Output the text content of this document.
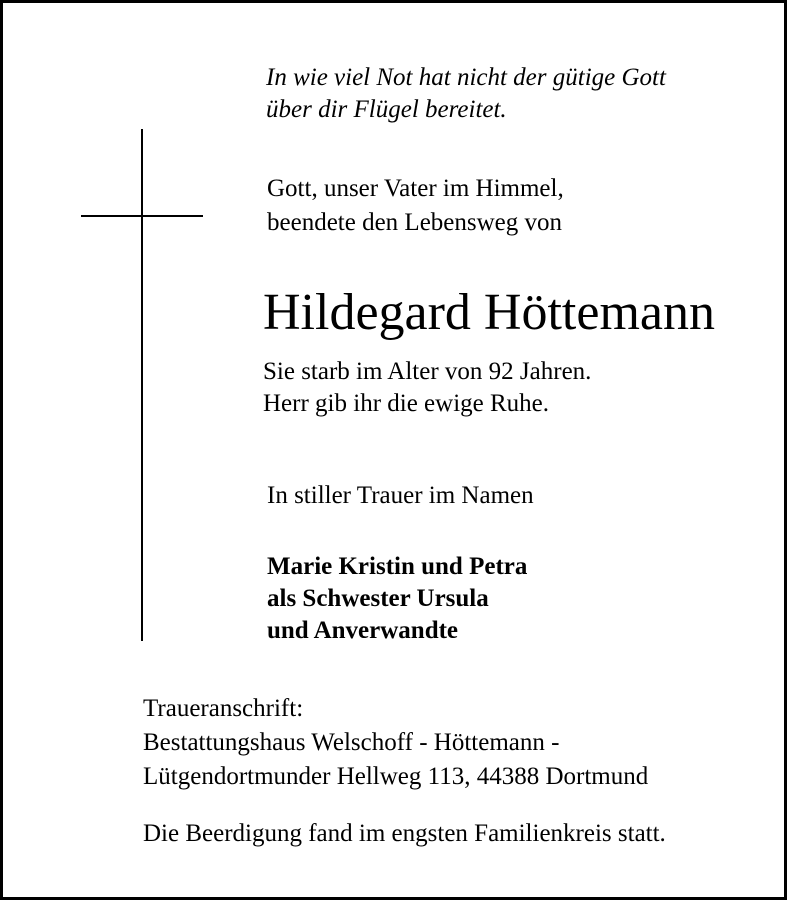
In wie viel Not hat nicht der gütige Gott
über dir Flügel bereitet.
Gott, unser Vater im Himmel,
beendete den Lebensweg von
Hildegard Höttemann
Sie starb im Alter von 92 Jahren.
Herr gib ihr die ewige Ruhe.
In stiller Trauer im Namen
Marie Kristin und Petra
als Schwester Ursula
und Anverwandte
Traueranschrift:
Bestattungshaus Welschoff - Höttemann -
Lütgendortmunder Hellweg 113, 44388 Dortmund
Die Beerdigung fand im engsten Familienkreis statt.
